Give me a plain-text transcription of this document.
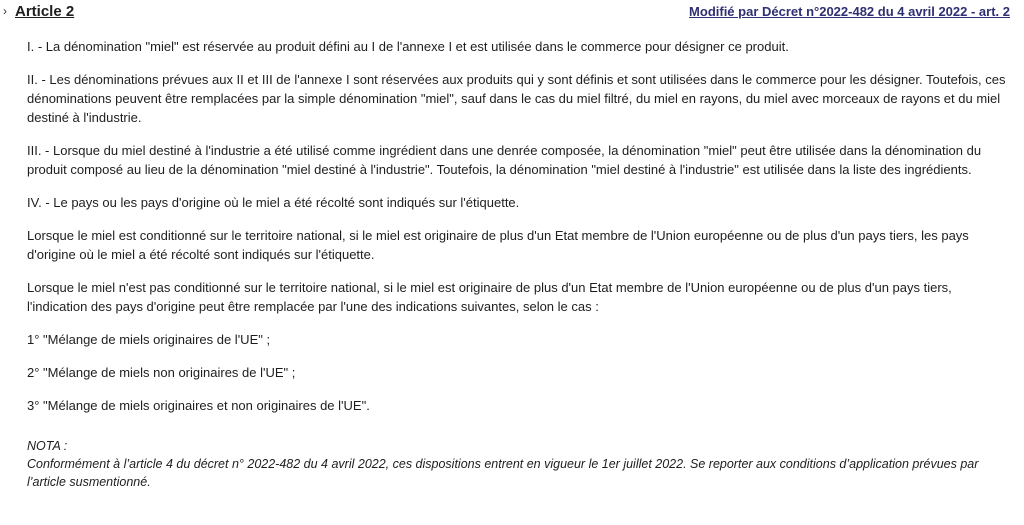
› Article 2	Modifié par Décret n°2022-482 du 4 avril 2022 - art. 2

I. - La dénomination "miel" est réservée au produit défini au I de l'annexe I et est utilisée dans le commerce pour désigner ce produit.

II. - Les dénominations prévues aux II et III de l'annexe I sont réservées aux produits qui y sont définis et sont utilisées dans le commerce pour les désigner. Toutefois, ces dénominations peuvent être remplacées par la simple dénomination "miel", sauf dans le cas du miel filtré, du miel en rayons, du miel avec morceaux de rayons et du miel destiné à l'industrie.

III. - Lorsque du miel destiné à l'industrie a été utilisé comme ingrédient dans une denrée composée, la dénomination "miel" peut être utilisée dans la dénomination du produit composé au lieu de la dénomination "miel destiné à l'industrie". Toutefois, la dénomination "miel destiné à l'industrie" est utilisée dans la liste des ingrédients.

IV. - Le pays ou les pays d'origine où le miel a été récolté sont indiqués sur l'étiquette.

Lorsque le miel est conditionné sur le territoire national, si le miel est originaire de plus d'un Etat membre de l'Union européenne ou de plus d'un pays tiers, les pays d'origine où le miel a été récolté sont indiqués sur l'étiquette.

Lorsque le miel n'est pas conditionné sur le territoire national, si le miel est originaire de plus d'un Etat membre de l'Union européenne ou de plus d'un pays tiers, l'indication des pays d'origine peut être remplacée par l'une des indications suivantes, selon le cas :

1° "Mélange de miels originaires de l'UE" ;

2° "Mélange de miels non originaires de l'UE" ;

3° "Mélange de miels originaires et non originaires de l'UE".

NOTA :

Conformément à l’article 4 du décret n° 2022-482 du 4 avril 2022, ces dispositions entrent en vigueur le 1er juillet 2022. Se reporter aux conditions d’application prévues par l’article susmentionné.
